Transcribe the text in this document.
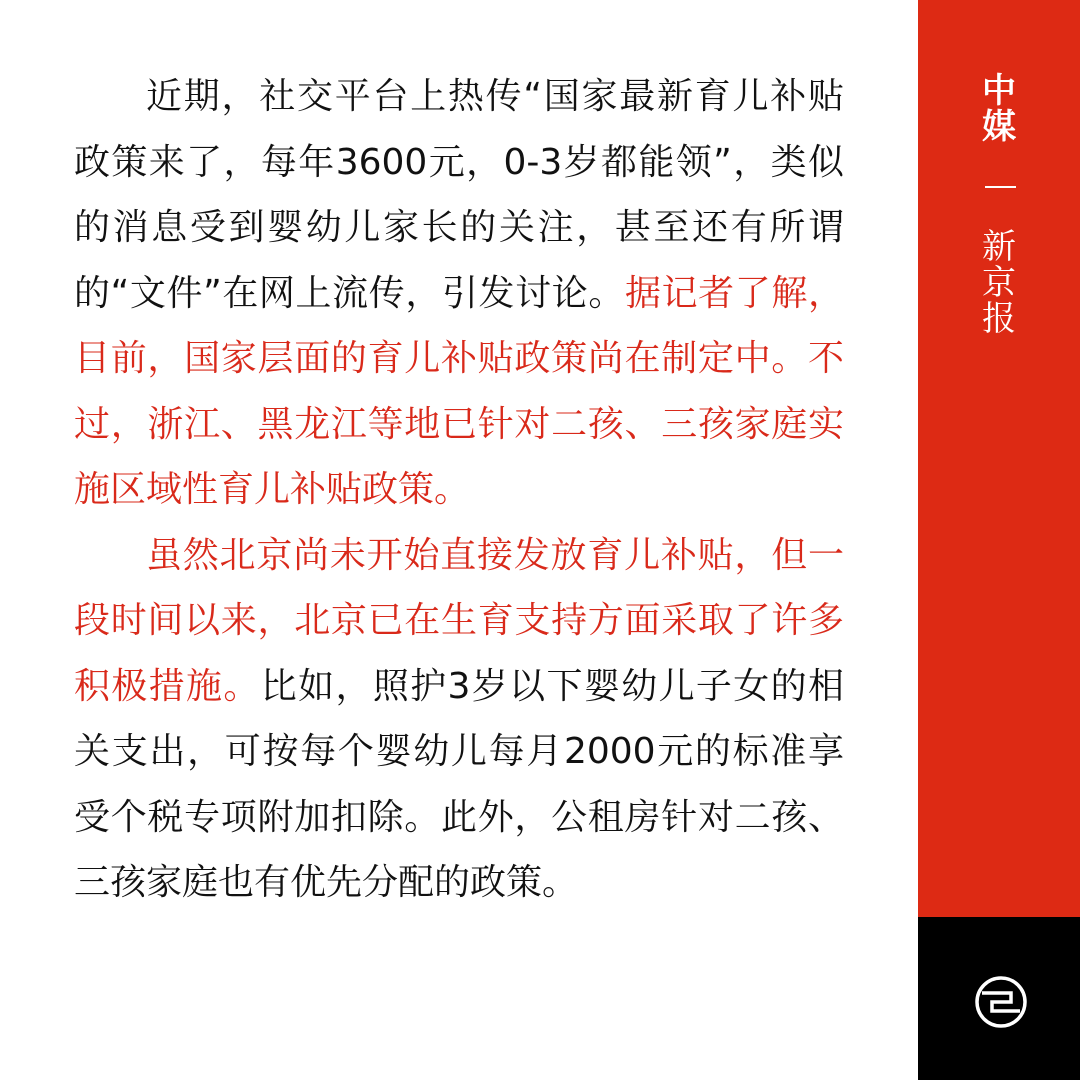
近期，社交平台上热传“国家最新育儿补贴政策来了，每年3600元，0-3岁都能领”，类似的消息受到婴幼儿家长的关注，甚至还有所谓的“文件”在网上流传，引发讨论。据记者了解，目前，国家层面的育儿补贴政策尚在制定中。不过，浙江、黑龙江等地已针对二孩、三孩家庭实施区域性育儿补贴政策。

虽然北京尚未开始直接发放育儿补贴，但一段时间以来，北京已在生育支持方面采取了许多积极措施。比如，照护3岁以下婴幼儿子女的相关支出，可按每个婴幼儿每月2000元的标准享受个税专项附加扣除。此外，公租房针对二孩、三孩家庭也有优先分配的政策。

中
媒
新
京
报
